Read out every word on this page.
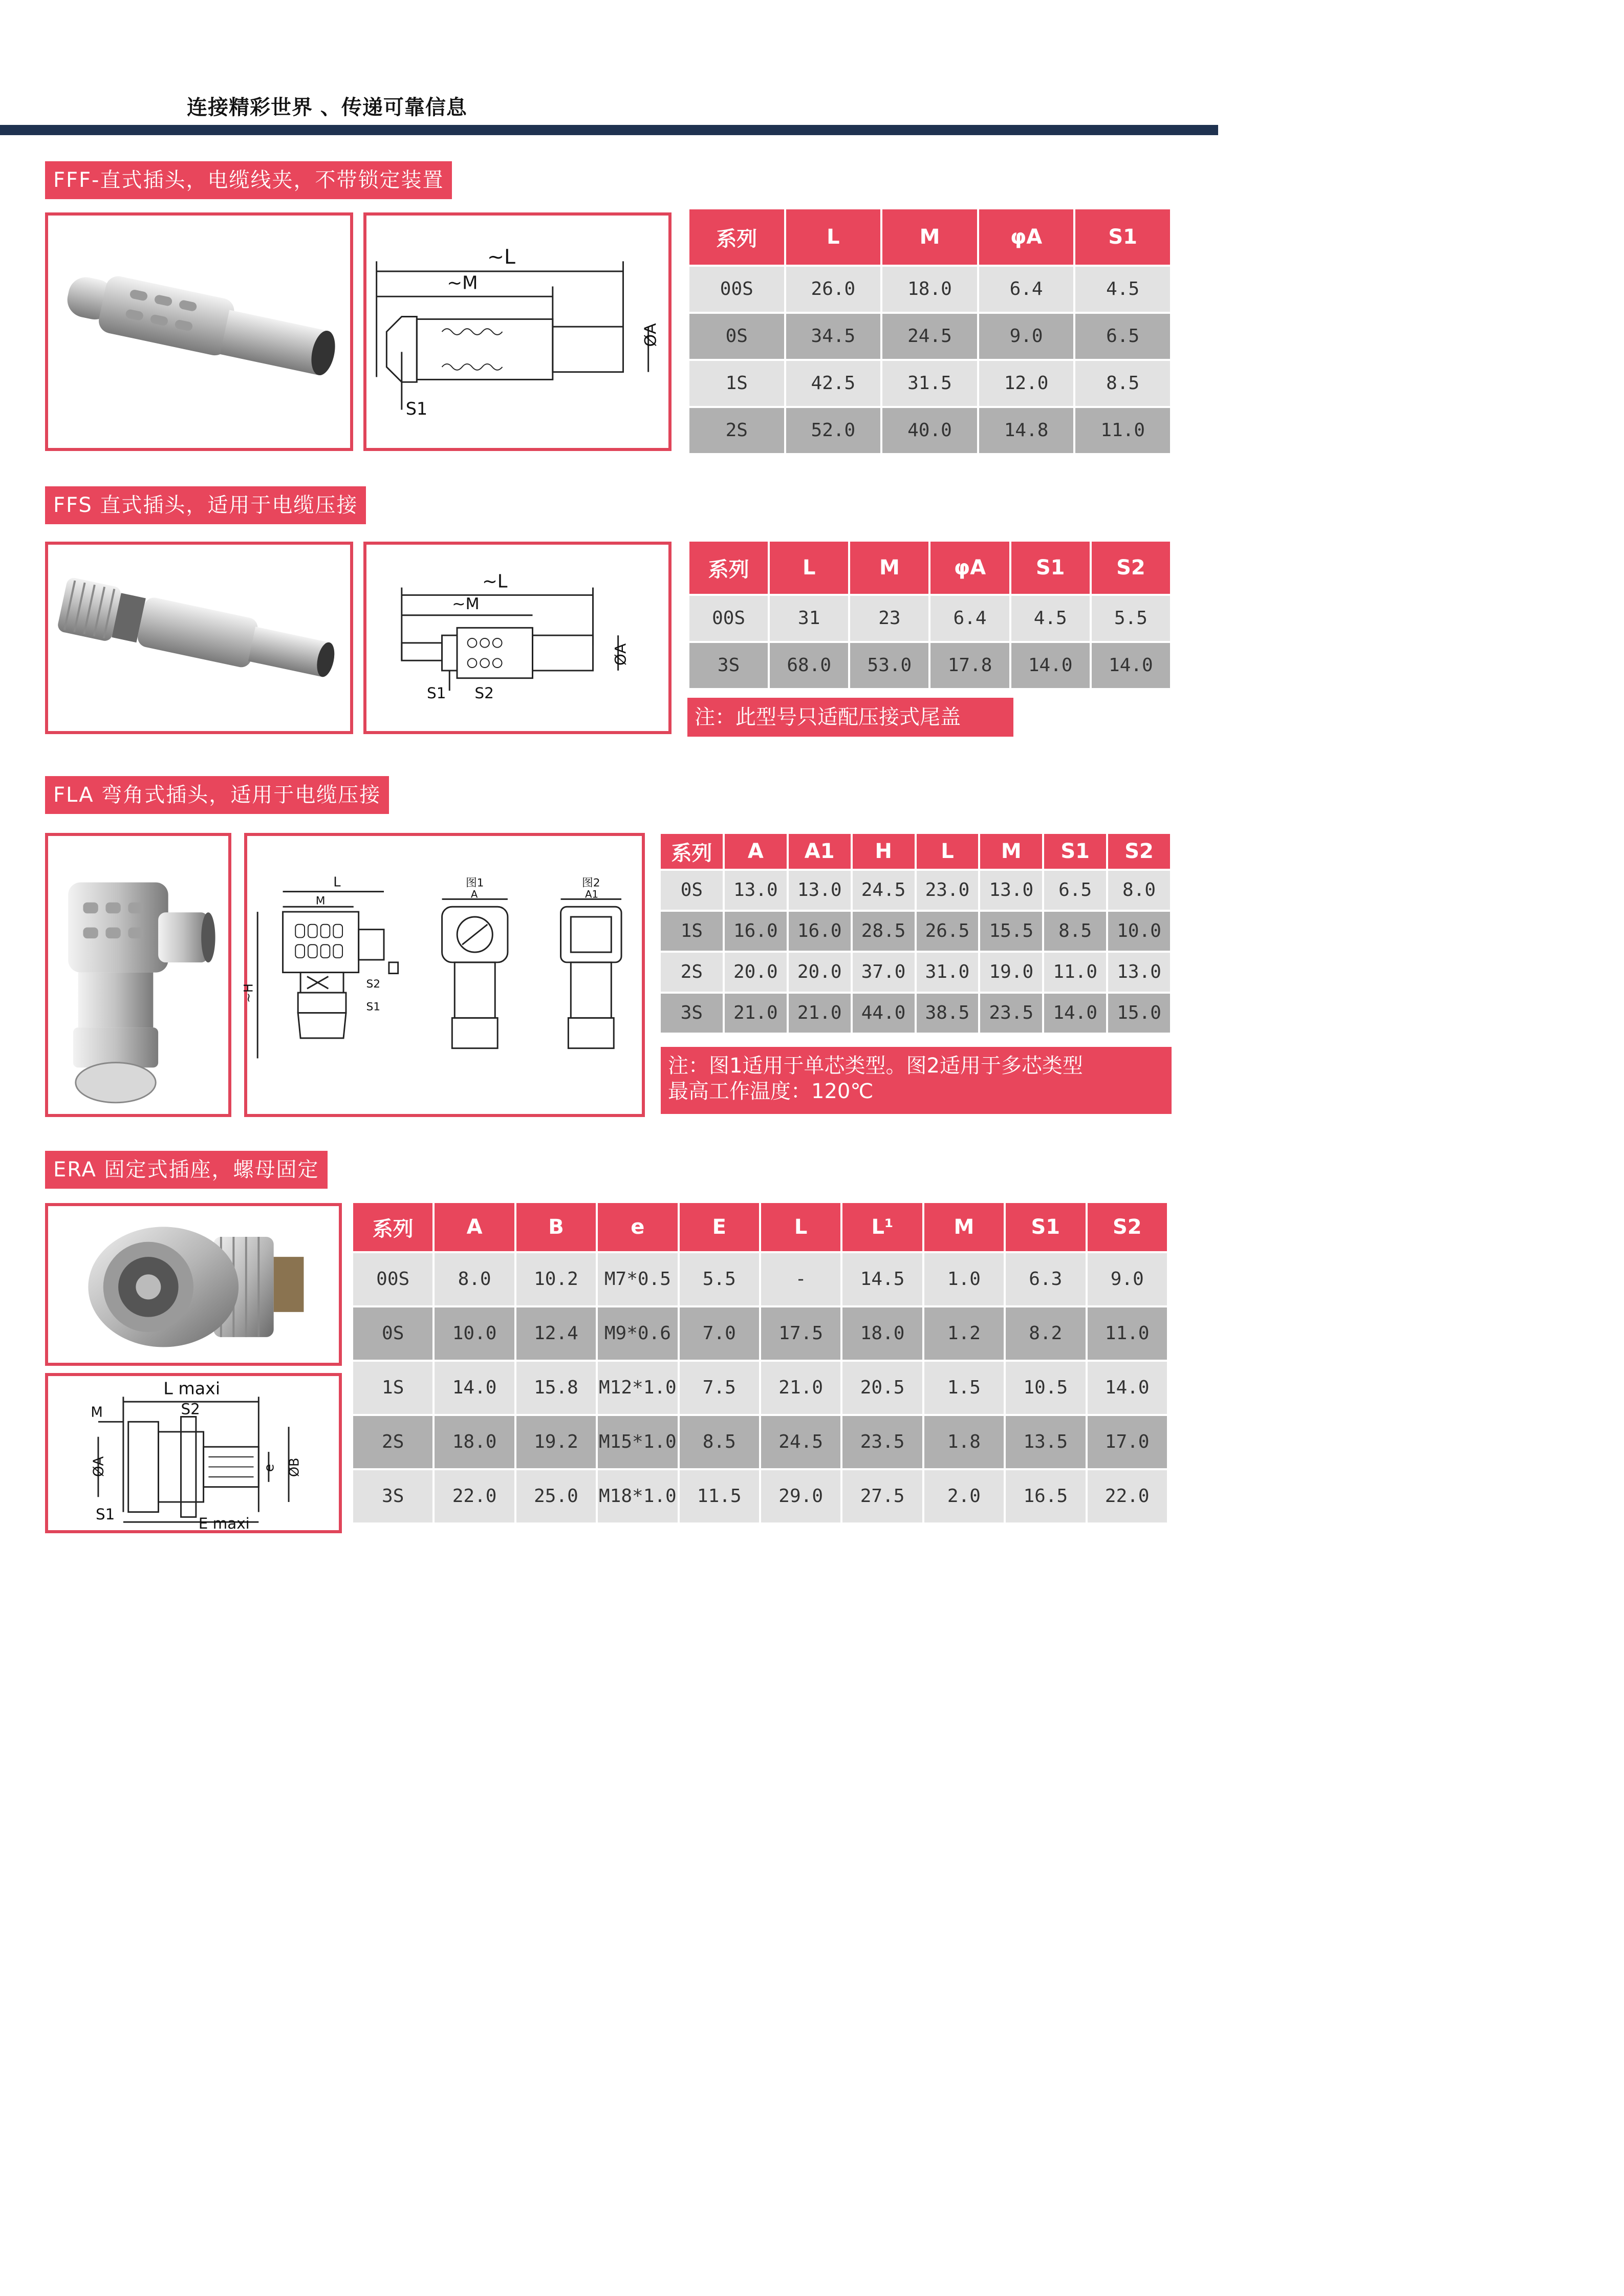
连接精彩世界 、传递可靠信息
FFF-直式插头，电缆线夹，不带锁定装置
~L
~M
ØA
S1
系列	L	M	φA	S1
00S	26.0	18.0	6.4	4.5
0S	34.5	24.5	9.0	6.5
1S	42.5	31.5	12.0	8.5
2S	52.0	40.0	14.8	11.0
FFS 直式插头，适用于电缆压接
~L
~M
ØA
S1 S2
系列	L	M	φA	S1	S2
00S	31	23	6.4	4.5	5.5
3S	68.0	53.0	17.8	14.0	14.0
注：此型号只适配压接式尾盖
FLA 弯角式插头，适用于电缆压接
L
M
~H	S2
S1
图1
A
图2
A1
系列	A	A1	H	L	M	S1	S2
0S	13.0	13.0	24.5	23.0	13.0	6.5	8.0
1S	16.0	16.0	28.5	26.5	15.5	8.5	10.0
2S	20.0	20.0	37.0	31.0	19.0	11.0	13.0
3S	21.0	21.0	44.0	38.5	23.5	14.0	15.0
注：图1适用于单芯类型。图2适用于多芯类型
最高工作温度：120℃
ERA 固定式插座，螺母固定
L maxi
S2
M
ØA
S1
e ØB
E maxi
系列	A	B	e	E	L	L¹	M	S1	S2
00S	8.0	10.2	M7*0.5	5.5	-	14.5	1.0	6.3	9.0
0S	10.0	12.4	M9*0.6	7.0	17.5	18.0	1.2	8.2	11.0
1S	14.0	15.8	M12*1.0	7.5	21.0	20.5	1.5	10.5	14.0
2S	18.0	19.2	M15*1.0	8.5	24.5	23.5	1.8	13.5	17.0
3S	22.0	25.0	M18*1.0	11.5	29.0	27.5	2.0	16.5	22.0
